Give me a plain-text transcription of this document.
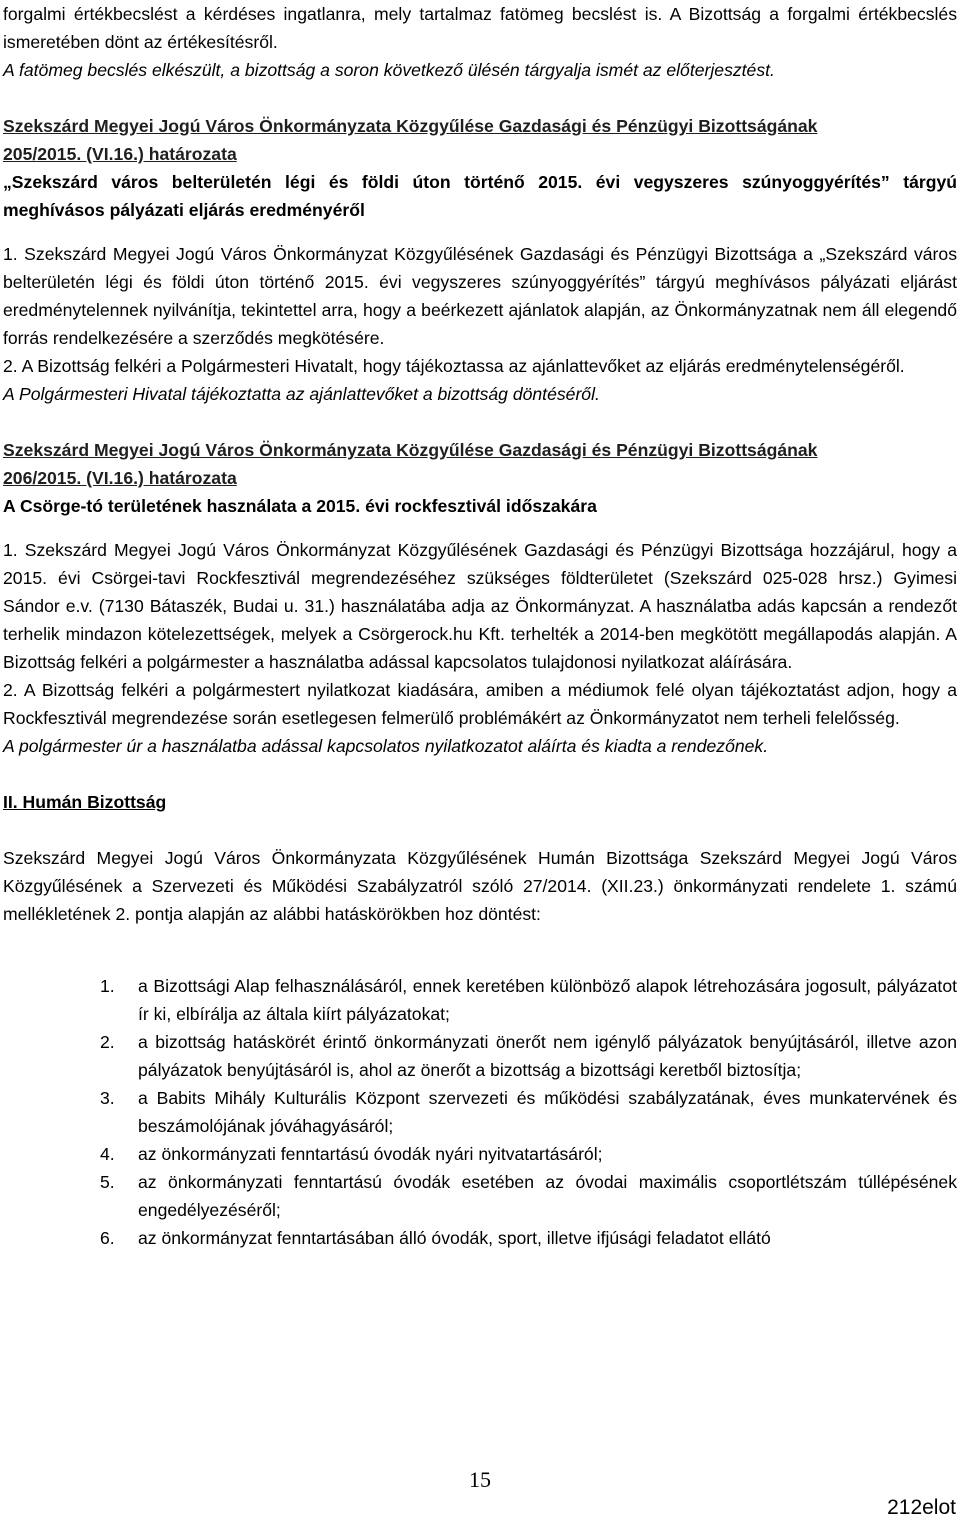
forgalmi értékbecslést a kérdéses ingatlanra, mely tartalmaz fatömeg becslést is. A Bizottság a forgalmi értékbecslés ismeretében dönt az értékesítésről.

A fatömeg becslés elkészült, a bizottság a soron következő ülésén tárgyalja ismét az előterjesztést.

Szekszárd Megyei Jogú Város Önkormányzata Közgyűlése Gazdasági és Pénzügyi Bizottságának

205/2015. (VI.16.) határozata

„Szekszárd város belterületén légi és földi úton történő 2015. évi vegyszeres szúnyoggyérítés” tárgyú meghívásos pályázati eljárás eredményéről

1. Szekszárd Megyei Jogú Város Önkormányzat Közgyűlésének Gazdasági és Pénzügyi Bizottsága a „Szekszárd város belterületén légi és földi úton történő 2015. évi vegyszeres szúnyoggyérítés” tárgyú meghívásos pályázati eljárást eredménytelennek nyilvánítja, tekintettel arra, hogy a beérkezett ajánlatok alapján, az Önkormányzatnak nem áll elegendő forrás rendelkezésére a szerződés megkötésére.

2. A Bizottság felkéri a Polgármesteri Hivatalt, hogy tájékoztassa az ajánlattevőket az eljárás eredménytelenségéről.

A Polgármesteri Hivatal tájékoztatta az ajánlattevőket a bizottság döntéséről.

Szekszárd Megyei Jogú Város Önkormányzata Közgyűlése Gazdasági és Pénzügyi Bizottságának

206/2015. (VI.16.) határozata

A Csörge-tó területének használata a 2015. évi rockfesztivál időszakára

1. Szekszárd Megyei Jogú Város Önkormányzat Közgyűlésének Gazdasági és Pénzügyi Bizottsága hozzájárul, hogy a 2015. évi Csörgei-tavi Rockfesztivál megrendezéséhez szükséges földterületet (Szekszárd 025-028 hrsz.) Gyimesi Sándor e.v. (7130 Bátaszék, Budai u. 31.) használatába adja az Önkormányzat. A használatba adás kapcsán a rendezőt terhelik mindazon kötelezettségek, melyek a Csörgerock.hu Kft. terhelték a 2014-ben megkötött megállapodás alapján. A Bizottság felkéri a polgármester a használatba adással kapcsolatos tulajdonosi nyilatkozat aláírására.

2. A Bizottság felkéri a polgármestert nyilatkozat kiadására, amiben a médiumok felé olyan tájékoztatást adjon, hogy a Rockfesztivál megrendezése során esetlegesen felmerülő problémákért az Önkormányzatot nem terheli felelősség.

A polgármester úr a használatba adással kapcsolatos nyilatkozatot aláírta és kiadta a rendezőnek.

II. Humán Bizottság

Szekszárd Megyei Jogú Város Önkormányzata Közgyűlésének Humán Bizottsága Szekszárd Megyei Jogú Város Közgyűlésének a Szervezeti és Működési Szabályzatról szóló 27/2014. (XII.23.) önkormányzati rendelete 1. számú mellékletének 2. pontja alapján az alábbi hatáskörökben hoz döntést:

1. a Bizottsági Alap felhasználásáról, ennek keretében különböző alapok létrehozására jogosult, pályázatot ír ki, elbírálja az általa kiírt pályázatokat;
2. a bizottság hatáskörét érintő önkormányzati önerőt nem igénylő pályázatok benyújtásáról, illetve azon pályázatok benyújtásáról is, ahol az önerőt a bizottság a bizottsági keretből biztosítja;
3. a Babits Mihály Kulturális Központ szervezeti és működési szabályzatának, éves munkatervének és beszámolójának jóváhagyásáról;
4. az önkormányzati fenntartású óvodák nyári nyitvatartásáról;
5. az önkormányzati fenntartású óvodák esetében az óvodai maximális csoportlétszám túllépésének engedélyezéséről;
6. az önkormányzat fenntartásában álló óvodák, sport, illetve ifjúsági feladatot ellátó
15
212elot
